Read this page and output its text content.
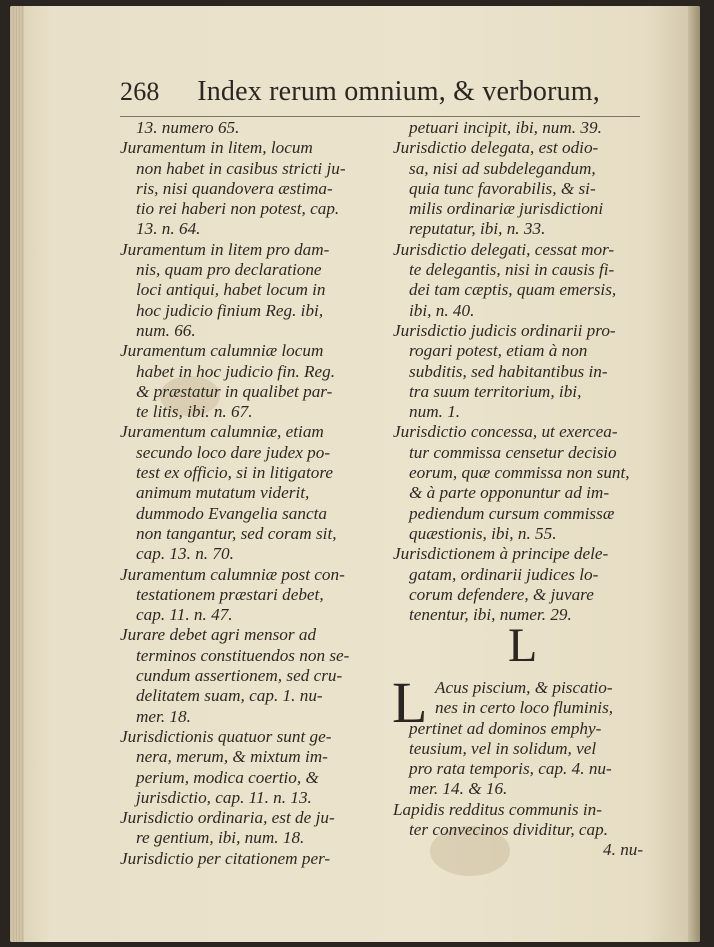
268 Index rerum omnium, & verborum,
13. numero 65.
Juramentum in litem, locum
non habet in casibus stricti ju-
ris, nisi quandovera æstima-
tio rei haberi non potest, cap.
13. n. 64.
Juramentum in litem pro dam-
nis, quam pro declaratione
loci antiqui, habet locum in
hoc judicio finium Reg. ibi,
num. 66.
Juramentum calumniæ locum
habet in hoc judicio fin. Reg.
& præstatur in qualibet par-
te litis, ibi. n. 67.
Juramentum calumniæ, etiam
secundo loco dare judex po-
test ex officio, si in litigatore
animum mutatum viderit,
dummodo Evangelia sancta
non tangantur, sed coram sit,
cap. 13. n. 70.
Juramentum calumniæ post con-
testationem præstari debet,
cap. 11. n. 47.
Jurare debet agri mensor ad
terminos constituendos non se-
cundum assertionem, sed cru-
delitatem suam, cap. 1. nu-
mer. 18.
Jurisdictionis quatuor sunt ge-
nera, merum, & mixtum im-
perium, modica coertio, &
jurisdictio, cap. 11. n. 13.
Jurisdictio ordinaria, est de ju-
re gentium, ibi, num. 18.
Jurisdictio per citationem per-
petuari incipit, ibi, num. 39.
Jurisdictio delegata, est odio-
sa, nisi ad subdelegandum,
quia tunc favorabilis, & si-
milis ordinariæ jurisdictioni
reputatur, ibi, n. 33.
Jurisdictio delegati, cessat mor-
te delegantis, nisi in causis fi-
dei tam cæptis, quam emersis,
ibi, n. 40.
Jurisdictio judicis ordinarii pro-
rogari potest, etiam à non
subditis, sed habitantibus in-
tra suum territorium, ibi,
num. 1.
Jurisdictio concessa, ut exercea-
tur commissa censetur decisio
eorum, quæ commissa non sunt,
& à parte opponuntur ad im-
pediendum cursum commissæ
quæstionis, ibi, n. 55.
Jurisdictionem à principe dele-
gatam, ordinarii judices lo-
corum defendere, & juvare
tenentur, ibi, numer. 29.
L
L Acus piscium, & piscatio-
nes in certo loco fluminis,
pertinet ad dominos emphy-
teusium, vel in solidum, vel
pro rata temporis, cap. 4. nu-
mer. 14. & 16.
Lapidis redditus communis in-
ter convecinos dividitur, cap.
4. nu-
